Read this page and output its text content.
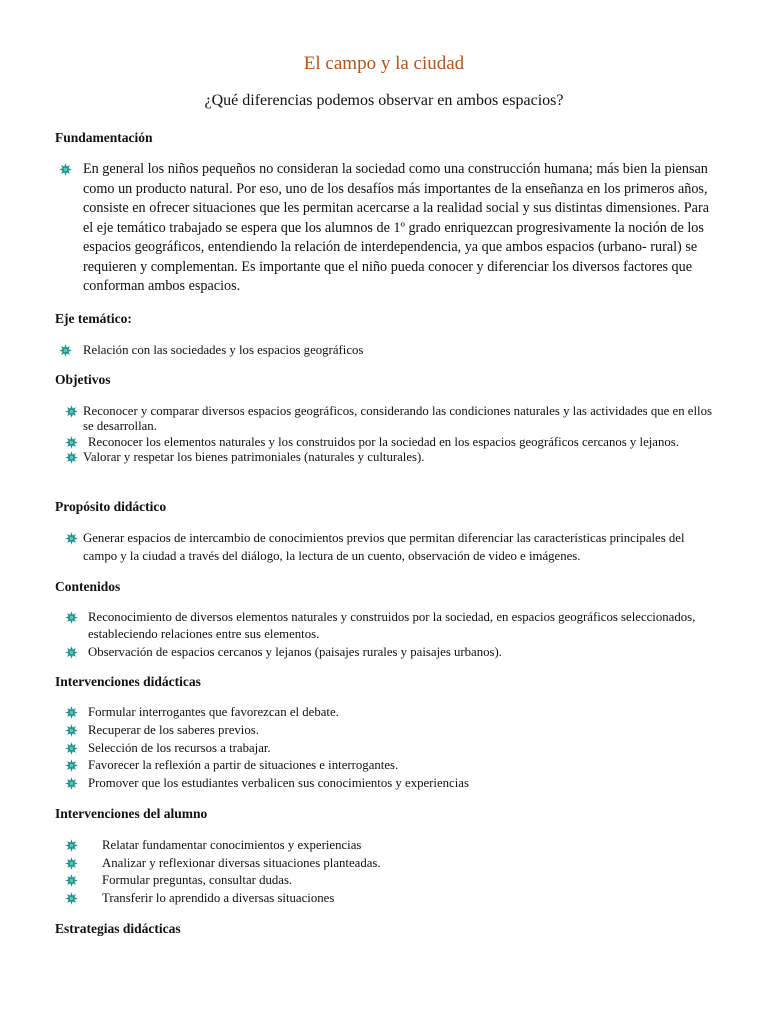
El campo y la ciudad

¿Qué diferencias podemos observar en ambos espacios?

Fundamentación
En general los niños pequeños no consideran la sociedad como una construcción humana; más bien la piensan como un producto natural. Por eso, uno de los desafíos más importantes de la enseñanza en los primeros años, consiste en ofrecer situaciones que les permitan acercarse a la realidad social y sus distintas dimensiones. Para el eje temático trabajado se espera que los alumnos de 1º grado enriquezcan progresivamente la noción de los espacios geográficos, entendiendo la relación de interdependencia, ya que ambos espacios (urbano- rural) se requieren y complementan. Es importante que el niño pueda conocer y diferenciar los diversos factores que conforman ambos espacios.
Eje temático:
Relación con las sociedades y los espacios geográficos
Objetivos
Reconocer y comparar diversos espacios geográficos, considerando las condiciones naturales y las actividades que en ellos se desarrollan.
Reconocer los elementos naturales y los construidos por la sociedad en los espacios geográficos cercanos y lejanos.
Valorar y respetar los bienes patrimoniales (naturales y culturales).
Propósito didáctico
Generar espacios de intercambio de conocimientos previos que permitan diferenciar las características principales del campo y la ciudad a través del diálogo, la lectura de un cuento, observación de video e imágenes.
Contenidos
Reconocimiento de diversos elementos naturales y construidos por la sociedad, en espacios geográficos seleccionados, estableciendo relaciones entre sus elementos.
Observación de espacios cercanos y lejanos (paisajes rurales y paisajes urbanos).
Intervenciones didácticas
Formular interrogantes que favorezcan el debate.
Recuperar de los saberes previos.
Selección de los recursos a trabajar.
Favorecer la reflexión a partir de situaciones e interrogantes.
Promover que los estudiantes verbalicen sus conocimientos y experiencias
Intervenciones del alumno
Relatar fundamentar conocimientos y experiencias
Analizar y reflexionar diversas situaciones planteadas.
Formular preguntas, consultar dudas.
Transferir lo aprendido a diversas situaciones
Estrategias didácticas
